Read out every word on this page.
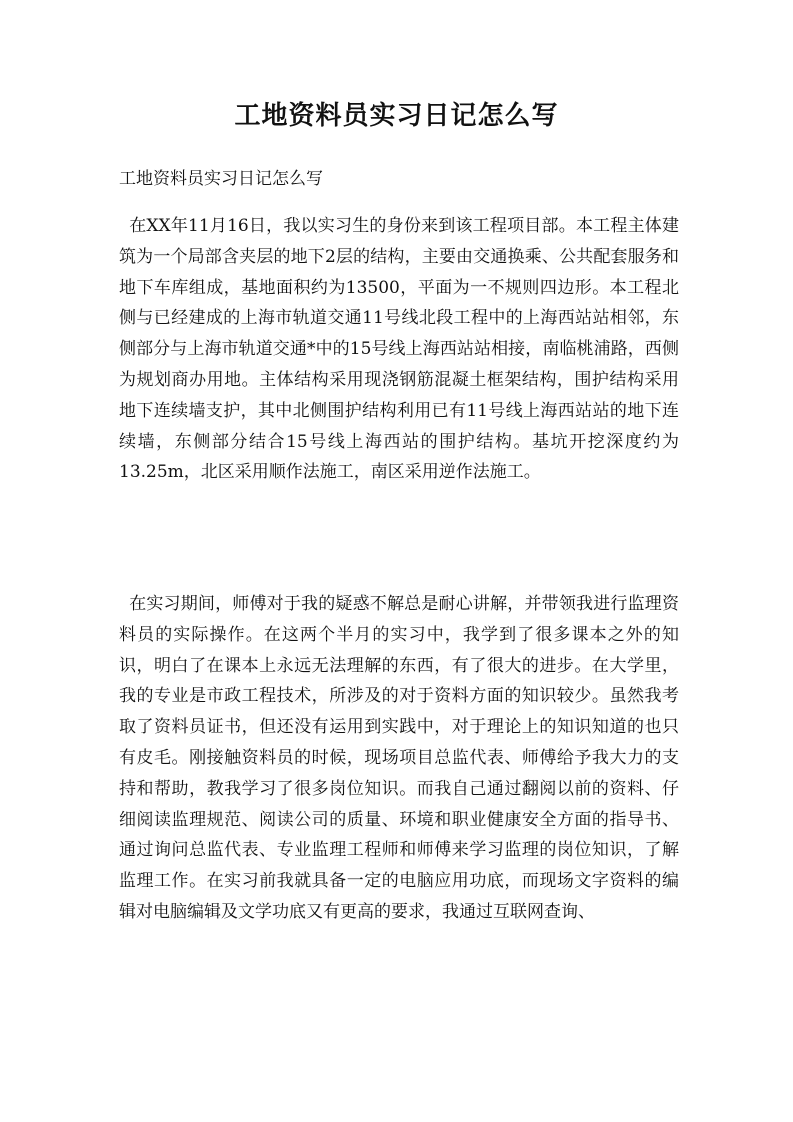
工地资料员实习日记怎么写

工地资料员实习日记怎么写

在XX年11月16日，我以实习生的身份来到该工程项目部。本工程主体建筑为一个局部含夹层的地下2层的结构，主要由交通换乘、公共配套服务和地下车库组成，基地面积约为13500，平面为一不规则四边形。本工程北侧与已经建成的上海市轨道交通11号线北段工程中的上海西站站相邻，东侧部分与上海市轨道交通*中的15号线上海西站站相接，南临桃浦路，西侧为规划商办用地。主体结构采用现浇钢筋混凝土框架结构，围护结构采用地下连续墙支护，其中北侧围护结构利用已有11号线上海西站站的地下连续墙，东侧部分结合15号线上海西站的围护结构。基坑开挖深度约为13.25m，北区采用顺作法施工，南区采用逆作法施工。

在实习期间，师傅对于我的疑惑不解总是耐心讲解，并带领我进行监理资料员的实际操作。在这两个半月的实习中，我学到了很多课本之外的知识，明白了在课本上永远无法理解的东西，有了很大的进步。在大学里，我的专业是市政工程技术，所涉及的对于资料方面的知识较少。虽然我考取了资料员证书，但还没有运用到实践中，对于理论上的知识知道的也只有皮毛。刚接触资料员的时候，现场项目总监代表、师傅给予我大力的支持和帮助，教我学习了很多岗位知识。而我自己通过翻阅以前的资料、仔细阅读监理规范、阅读公司的质量、环境和职业健康安全方面的指导书、通过询问总监代表、专业监理工程师和师傅来学习监理的岗位知识，了解监理工作。在实习前我就具备一定的电脑应用功底，而现场文字资料的编辑对电脑编辑及文学功底又有更高的要求，我通过互联网查询、
